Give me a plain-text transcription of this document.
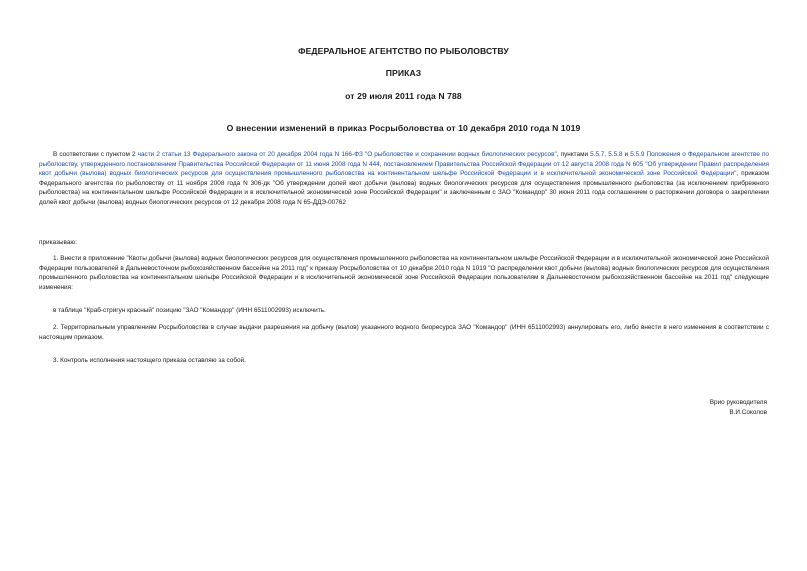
ФЕДЕРАЛЬНОЕ АГЕНТСТВО ПО РЫБОЛОВСТВУ
ПРИКАЗ
от 29 июля 2011 года N 788
О внесении изменений в приказ Росрыболовства от 10 декабря 2010 года N 1019
В соответствии с пунктом 2 части 2 статьи 13 Федерального закона от 20 декабря 2004 года N 166-ФЗ "О рыболовстве и сохранении водных биологических ресурсов", пунктами 5.5.7, 5.5.8 и 5.5.9 Положения о Федеральном агентстве по рыболовству, утвержденного постановлением Правительства Российской Федерации от 11 июня 2008 года N 444, постановлением Правительства Российской Федерации от 12 августа 2008 года N 605 "Об утверждении Правил распределения квот добычи (вылова) водных биологических ресурсов для осуществления промышленного рыболовства на континентальном шельфе Российской Федерации и в исключительной экономической зоне Российской Федерации", приказом Федерального агентства по рыболовству от 11 ноября 2008 года N 306-дк "Об утверждении долей квот добычи (вылова) водных биологических ресурсов для осуществления промышленного рыболовства (за исключением прибрежного рыболовства) на континентальном шельфе Российской Федерации и в исключительной экономической зоне Российской Федерации" и заключенным с ЗАО "Командор" 30 июня 2011 года соглашением о расторжении договора о закреплении долей квот добычи (вылова) водных биологических ресурсов от 12 декабря 2008 года N 65-ДДЭ-00762
приказываю:
1. Внести в приложение "Квоты добычи (вылова) водных биологических ресурсов для осуществления промышленного рыболовства на континентальном шельфе Российской Федерации и в исключительной экономической зоне Российской Федерации пользователей в Дальневосточном рыбохозяйственном бассейне на 2011 год" к приказу Росрыболовства от 10 декабря 2010 года N 1019 "О распределении квот добычи (вылова) водных биологических ресурсов для осуществления промышленного рыболовства на континентальном шельфе Российской Федерации и в исключительной экономической зоне Российской Федерации пользователям в Дальневосточном рыбохозяйственном бассейне на 2011 год" следующие изменения:
в таблице "Краб-стригун красный" позицию "ЗАО "Командор" (ИНН 6511002993) исключить.
2. Территориальным управлениям Росрыболовства в случае выдачи разрешения на добычу (вылов) указанного водного биоресурса ЗАО "Командор" (ИНН 6511002993) аннулировать его, либо внести в него изменения в соответствии с настоящим приказом.
3. Контроль исполнения настоящего приказа оставляю за собой.
Врио руководителя
В.И.Соколов
